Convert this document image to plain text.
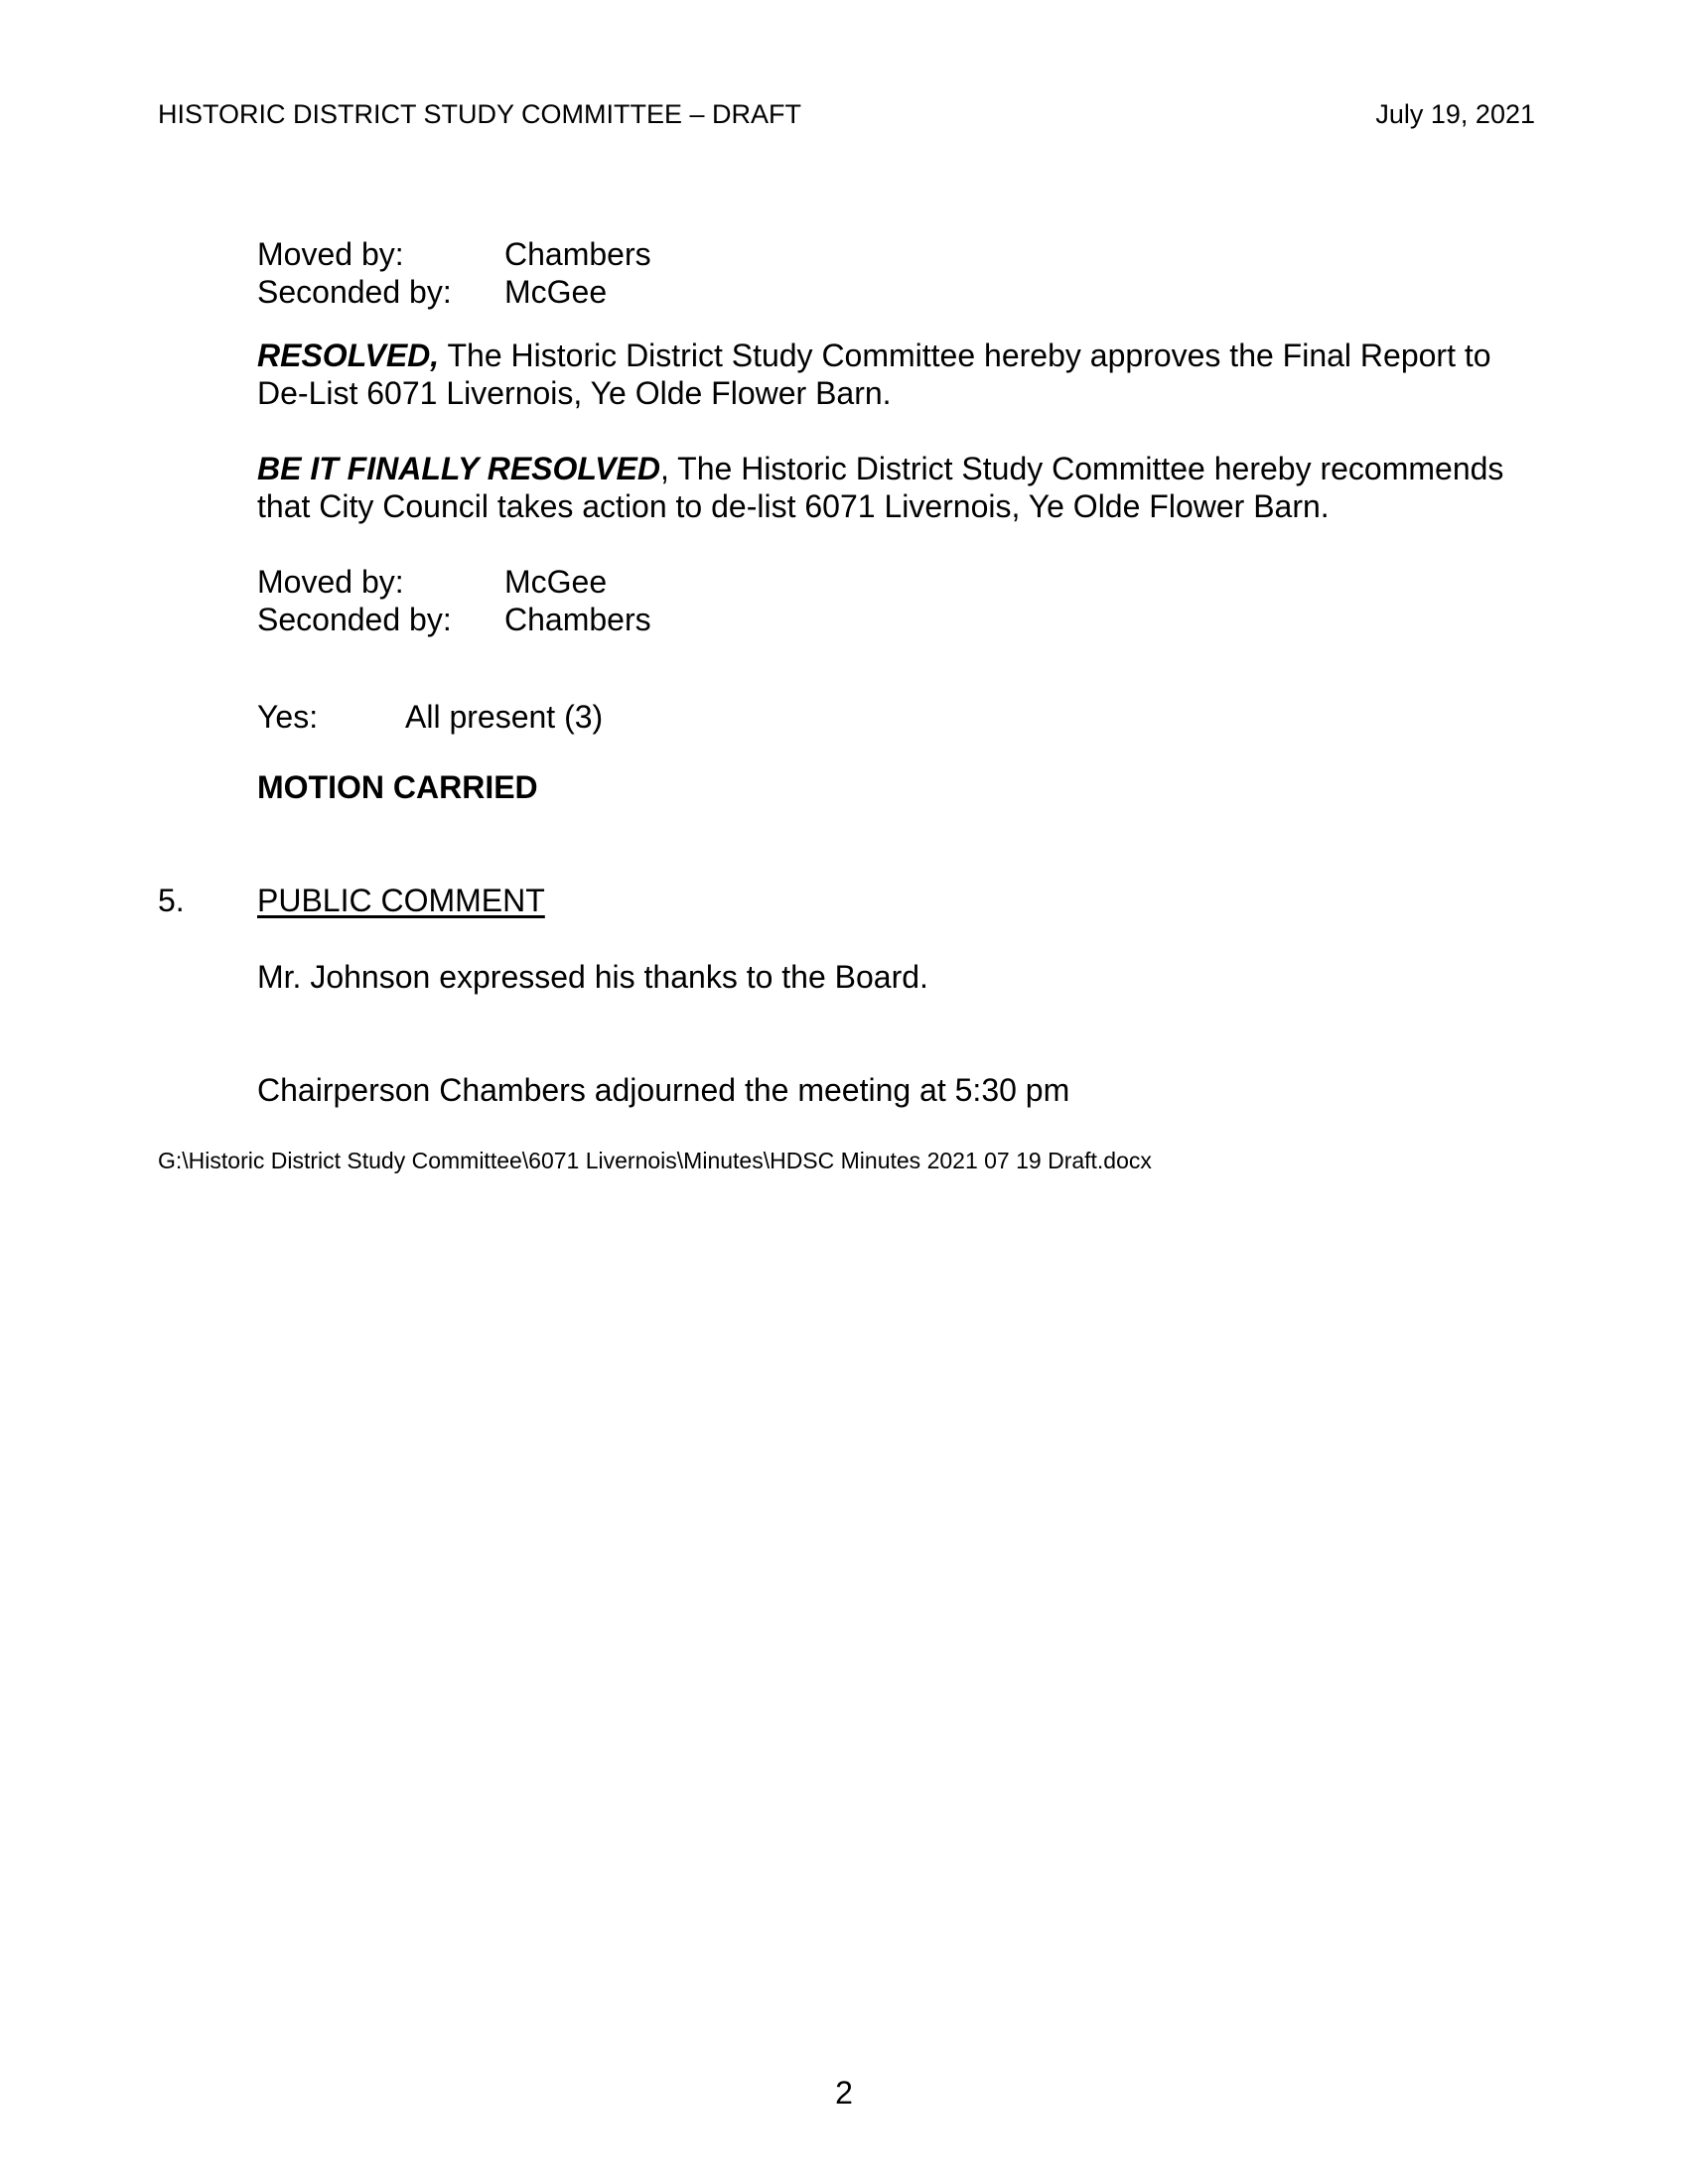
HISTORIC DISTRICT STUDY COMMITTEE – DRAFT	July 19, 2021
Moved by:	Chambers
Seconded by: McGee

RESOLVED, The Historic District Study Committee hereby approves the Final Report to

De-List 6071 Livernois, Ye Olde Flower Barn.

BE IT FINALLY RESOLVED, The Historic District Study Committee hereby recommends

that City Council takes action to de-list 6071 Livernois, Ye Olde Flower Barn.

Moved by:	McGee
Seconded by: Chambers
Yes:	All present (3)
MOTION CARRIED
5. PUBLIC COMMENT
Mr. Johnson expressed his thanks to the Board.
Chairperson Chambers adjourned the meeting at 5:30 pm
G:\Historic District Study Committee\6071 Livernois\Minutes\HDSC Minutes 2021 07 19 Draft.docx
2
